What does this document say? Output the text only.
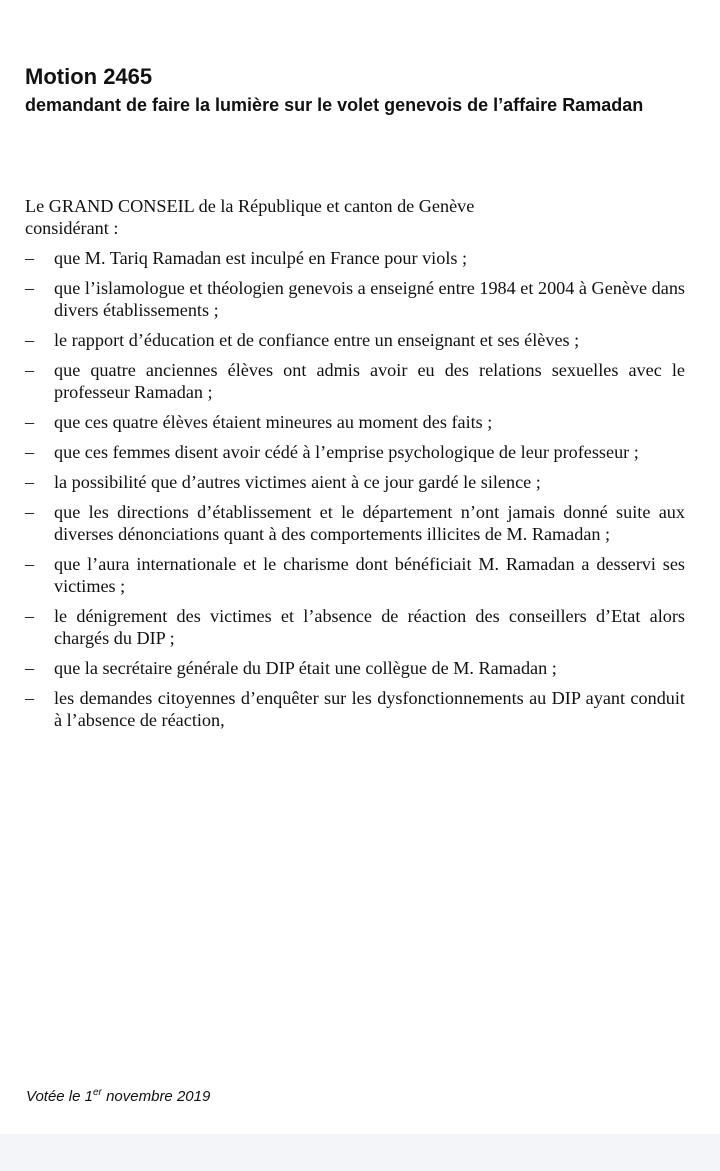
Motion 2465

demandant de faire la lumière sur le volet genevois de l’affaire Ramadan

Le GRAND CONSEIL de la République et canton de Genève
considérant :

– que M. Tariq Ramadan est inculpé en France pour viols ;
– que l’islamologue et théologien genevois a enseigné entre 1984 et 2004 à Genève dans divers établissements ;
– le rapport d’éducation et de confiance entre un enseignant et ses élèves ;
– que quatre anciennes élèves ont admis avoir eu des relations sexuelles avec le professeur Ramadan ;
– que ces quatre élèves étaient mineures au moment des faits ;
– que ces femmes disent avoir cédé à l’emprise psychologique de leur professeur ;
– la possibilité que d’autres victimes aient à ce jour gardé le silence ;
– que les directions d’établissement et le département n’ont jamais donné suite aux diverses dénonciations quant à des comportements illicites de M. Ramadan ;
– que l’aura internationale et le charisme dont bénéficiait M. Ramadan a desservi ses victimes ;
– le dénigrement des victimes et l’absence de réaction des conseillers d’Etat alors chargés du DIP ;
– que la secrétaire générale du DIP était une collègue de M. Ramadan ;
– les demandes citoyennes d’enquêter sur les dysfonctionnements au DIP ayant conduit à l’absence de réaction,
Votée le 1er novembre 2019
